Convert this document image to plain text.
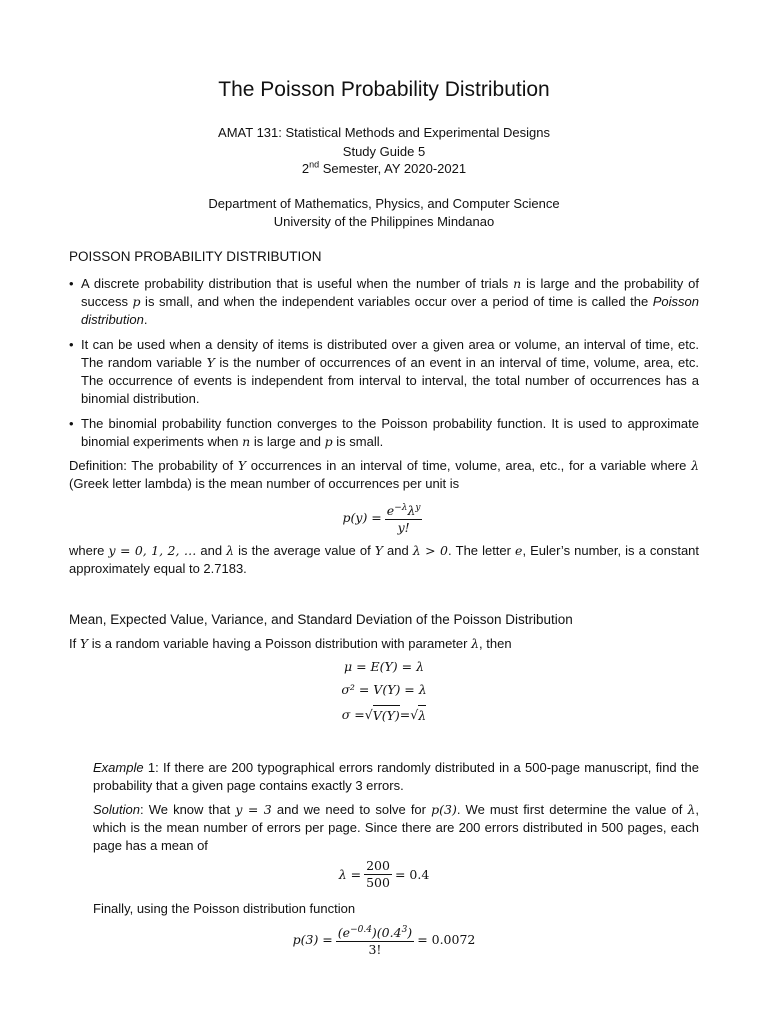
The Poisson Probability Distribution
AMAT 131: Statistical Methods and Experimental Designs
Study Guide 5
2nd Semester, AY 2020-2021
Department of Mathematics, Physics, and Computer Science
University of the Philippines Mindanao
POISSON PROBABILITY DISTRIBUTION
• A discrete probability distribution that is useful when the number of trials n is large and the probability of success p is small, and when the independent variables occur over a period of time is called the Poisson distribution.
• It can be used when a density of items is distributed over a given area or volume, an interval of time, etc. The random variable Y is the number of occurrences of an event in an interval of time, volume, area, etc. The occurrence of events is independent from interval to interval, the total number of occurrences has a binomial distribution.
• The binomial probability function converges to the Poisson probability function. It is used to approximate binomial experiments when n is large and p is small.
Definition: The probability of Y occurrences in an interval of time, volume, area, etc., for a variable where λ (Greek letter lambda) is the mean number of occurrences per unit is
$p(y) = \frac{e^{-\lambda}\lambda^y}{y!}$
where y = 0, 1, 2, … and λ is the average value of Y and λ > 0. The letter e, Euler’s number, is a constant approximately equal to 2.7183.
Mean, Expected Value, Variance, and Standard Deviation of the Poisson Distribution
If Y is a random variable having a Poisson distribution with parameter λ, then
μ = E(Y) = λ
σ² = V(Y) = λ
σ = √ V(Y) = √ λ
Example 1: If there are 200 typographical errors randomly distributed in a 500-page manuscript, find the probability that a given page contains exactly 3 errors.
Solution: We know that y = 3 and we need to solve for p(3). We must first determine the value of λ, which is the mean number of errors per page. Since there are 200 errors distributed in 500 pages, each page has a mean of
$\lambda = \frac{200}{500} = 0.4$
Finally, using the Poisson distribution function
$p(3) = \frac{(e^{-0.4})(0.4^3)}{3!} = 0.0072$
